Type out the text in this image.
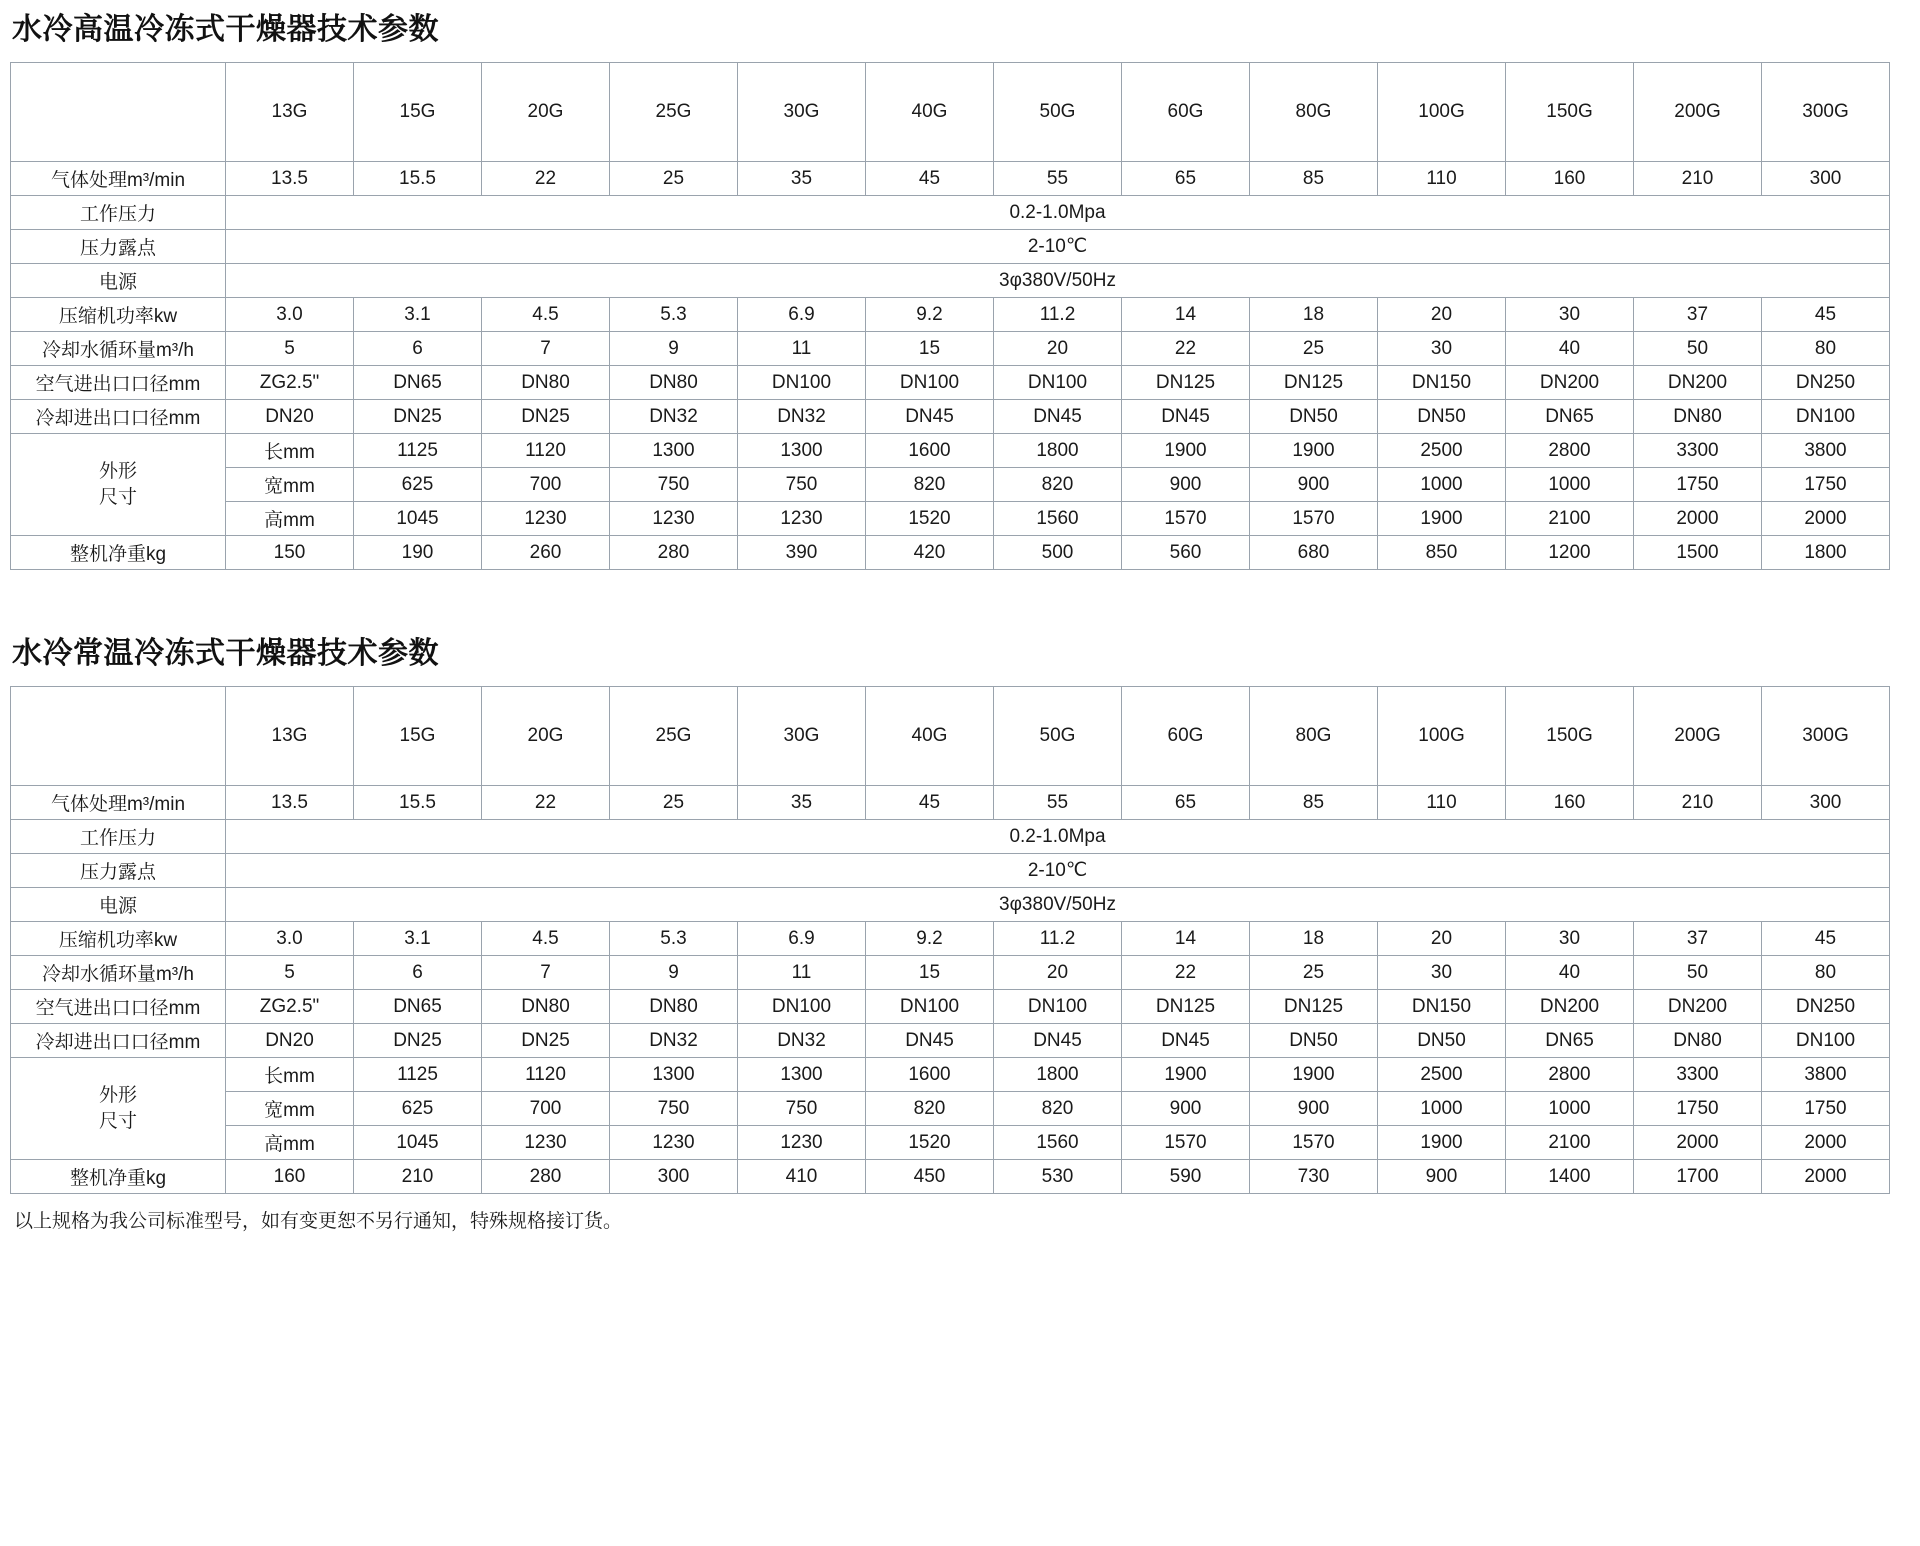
水冷高温冷冻式干燥器技术参数
规格
项目	13G	15G	20G	25G	30G	40G	50G	60G	80G	100G	150G	200G	300G
气体处理m³/min	13.5	15.5	22	25	35	45	55	65	85	110	160	210	300
工作压力	0.2-1.0Mpa												
压力露点	2-10℃												
电源	3φ380V/50Hz												
压缩机功率kw	3.0	3.1	4.5	5.3	6.9	9.2	11.2	14	18	20	30	37	45
冷却水循环量m³/h	5	6	7	9	11	15	20	22	25	30	40	50	80
空气进出口口径mm	ZG2.5"	DN65	DN80	DN80	DN100	DN100	DN100	DN125	DN125	DN150	DN200	DN200	DN250
冷却进出口口径mm	DN20	DN25	DN25	DN32	DN32	DN45	DN45	DN45	DN50	DN50	DN65	DN80	DN100
外形
尺寸	长mm	1125	1120	1300	1300	1600	1800	1900	1900	2500	2800	3300	3800
	宽mm	625	700	750	750	820	820	900	900	1000	1000	1750	1750
	高mm	1045	1230	1230	1230	1520	1560	1570	1570	1900	2100	2000	2000
整机净重kg	150	190	260	280	390	420	500	560	680	850	1200	1500	1800
水冷常温冷冻式干燥器技术参数
规格
项目	13G	15G	20G	25G	30G	40G	50G	60G	80G	100G	150G	200G	300G
气体处理m³/min	13.5	15.5	22	25	35	45	55	65	85	110	160	210	300
工作压力	0.2-1.0Mpa												
压力露点	2-10℃												
电源	3φ380V/50Hz												
压缩机功率kw	3.0	3.1	4.5	5.3	6.9	9.2	11.2	14	18	20	30	37	45
冷却水循环量m³/h	5	6	7	9	11	15	20	22	25	30	40	50	80
空气进出口口径mm	ZG2.5"	DN65	DN80	DN80	DN100	DN100	DN100	DN125	DN125	DN150	DN200	DN200	DN250
冷却进出口口径mm	DN20	DN25	DN25	DN32	DN32	DN45	DN45	DN45	DN50	DN50	DN65	DN80	DN100
外形
尺寸	长mm	1125	1120	1300	1300	1600	1800	1900	1900	2500	2800	3300	3800
	宽mm	625	700	750	750	820	820	900	900	1000	1000	1750	1750
	高mm	1045	1230	1230	1230	1520	1560	1570	1570	1900	2100	2000	2000
整机净重kg	160	210	280	300	410	450	530	590	730	900	1400	1700	2000
以上规格为我公司标准型号，如有变更恕不另行通知，特殊规格接订货。
